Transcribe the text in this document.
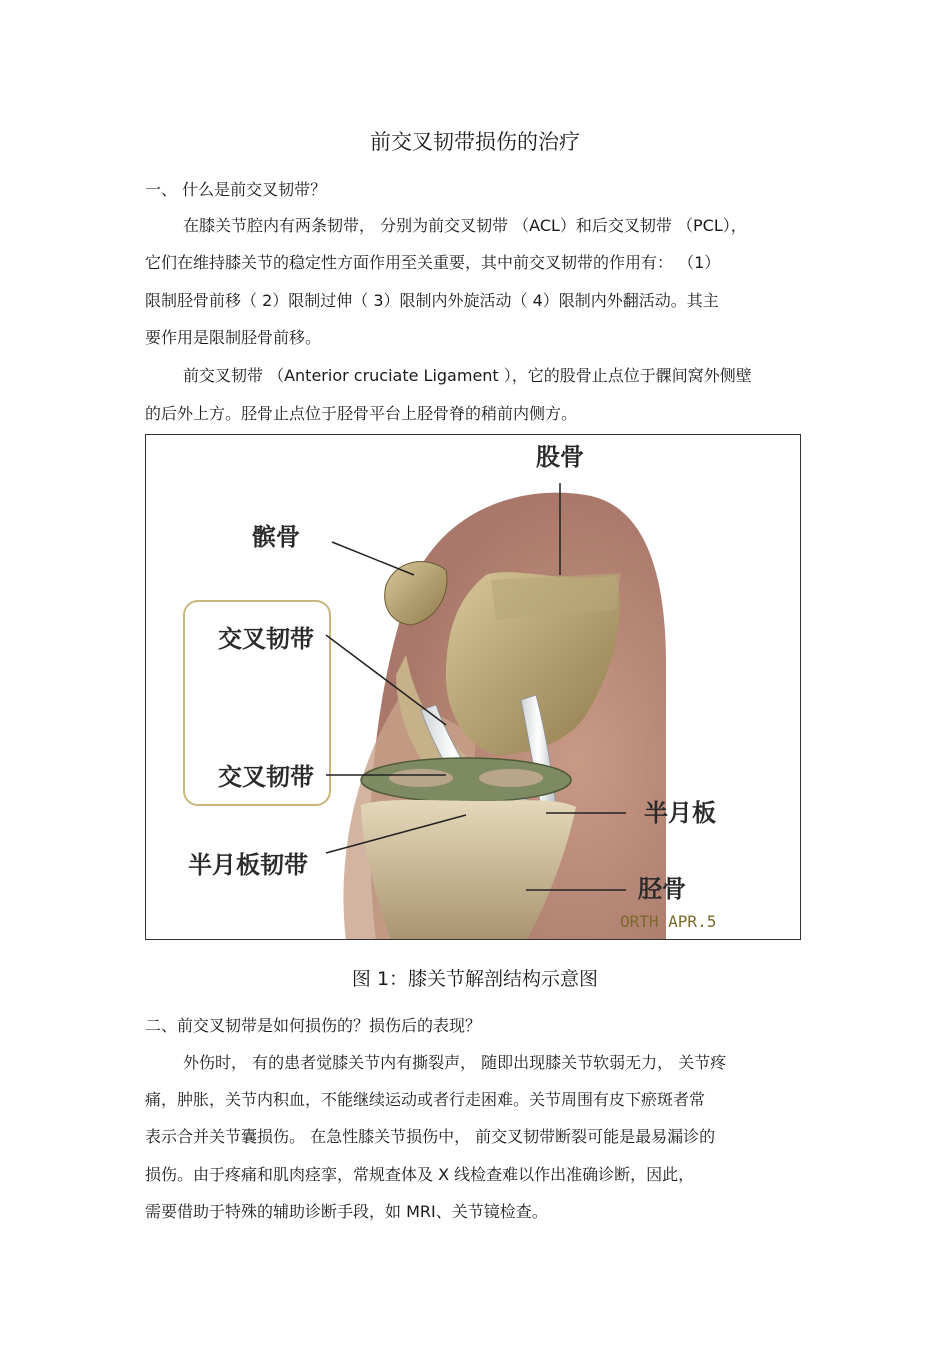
前交叉韧带损伤的治疗
一、 什么是前交叉韧带？
在膝关节腔内有两条韧带， 分别为前交叉韧带 （ACL）和后交叉韧带 （PCL），
它们在维持膝关节的稳定性方面作用至关重要，其中前交叉韧带的作用有： （1）
限制胫骨前移（ 2）限制过伸（ 3）限制内外旋活动（ 4）限制内外翻活动。其主
要作用是限制胫骨前移。
前交叉韧带 （Anterior cruciate Ligament ），它的股骨止点位于髁间窝外侧壁
的后外上方。胫骨止点位于胫骨平台上胫骨脊的稍前内侧方。
股骨
髌骨
交叉韧带
交叉韧带
半月板
半月板韧带
胫骨
ORTH APR.5
图 1：膝关节解剖结构示意图
二、前交叉韧带是如何损伤的？损伤后的表现？
外伤时， 有的患者觉膝关节内有撕裂声， 随即出现膝关节软弱无力， 关节疼
痛，肿胀，关节内积血，不能继续运动或者行走困难。关节周围有皮下瘀斑者常
表示合并关节囊损伤。 在急性膝关节损伤中， 前交叉韧带断裂可能是最易漏诊的
损伤。由于疼痛和肌肉痉挛，常规查体及 X 线检查难以作出准确诊断，因此，
需要借助于特殊的辅助诊断手段，如 MRI、关节镜检查。
